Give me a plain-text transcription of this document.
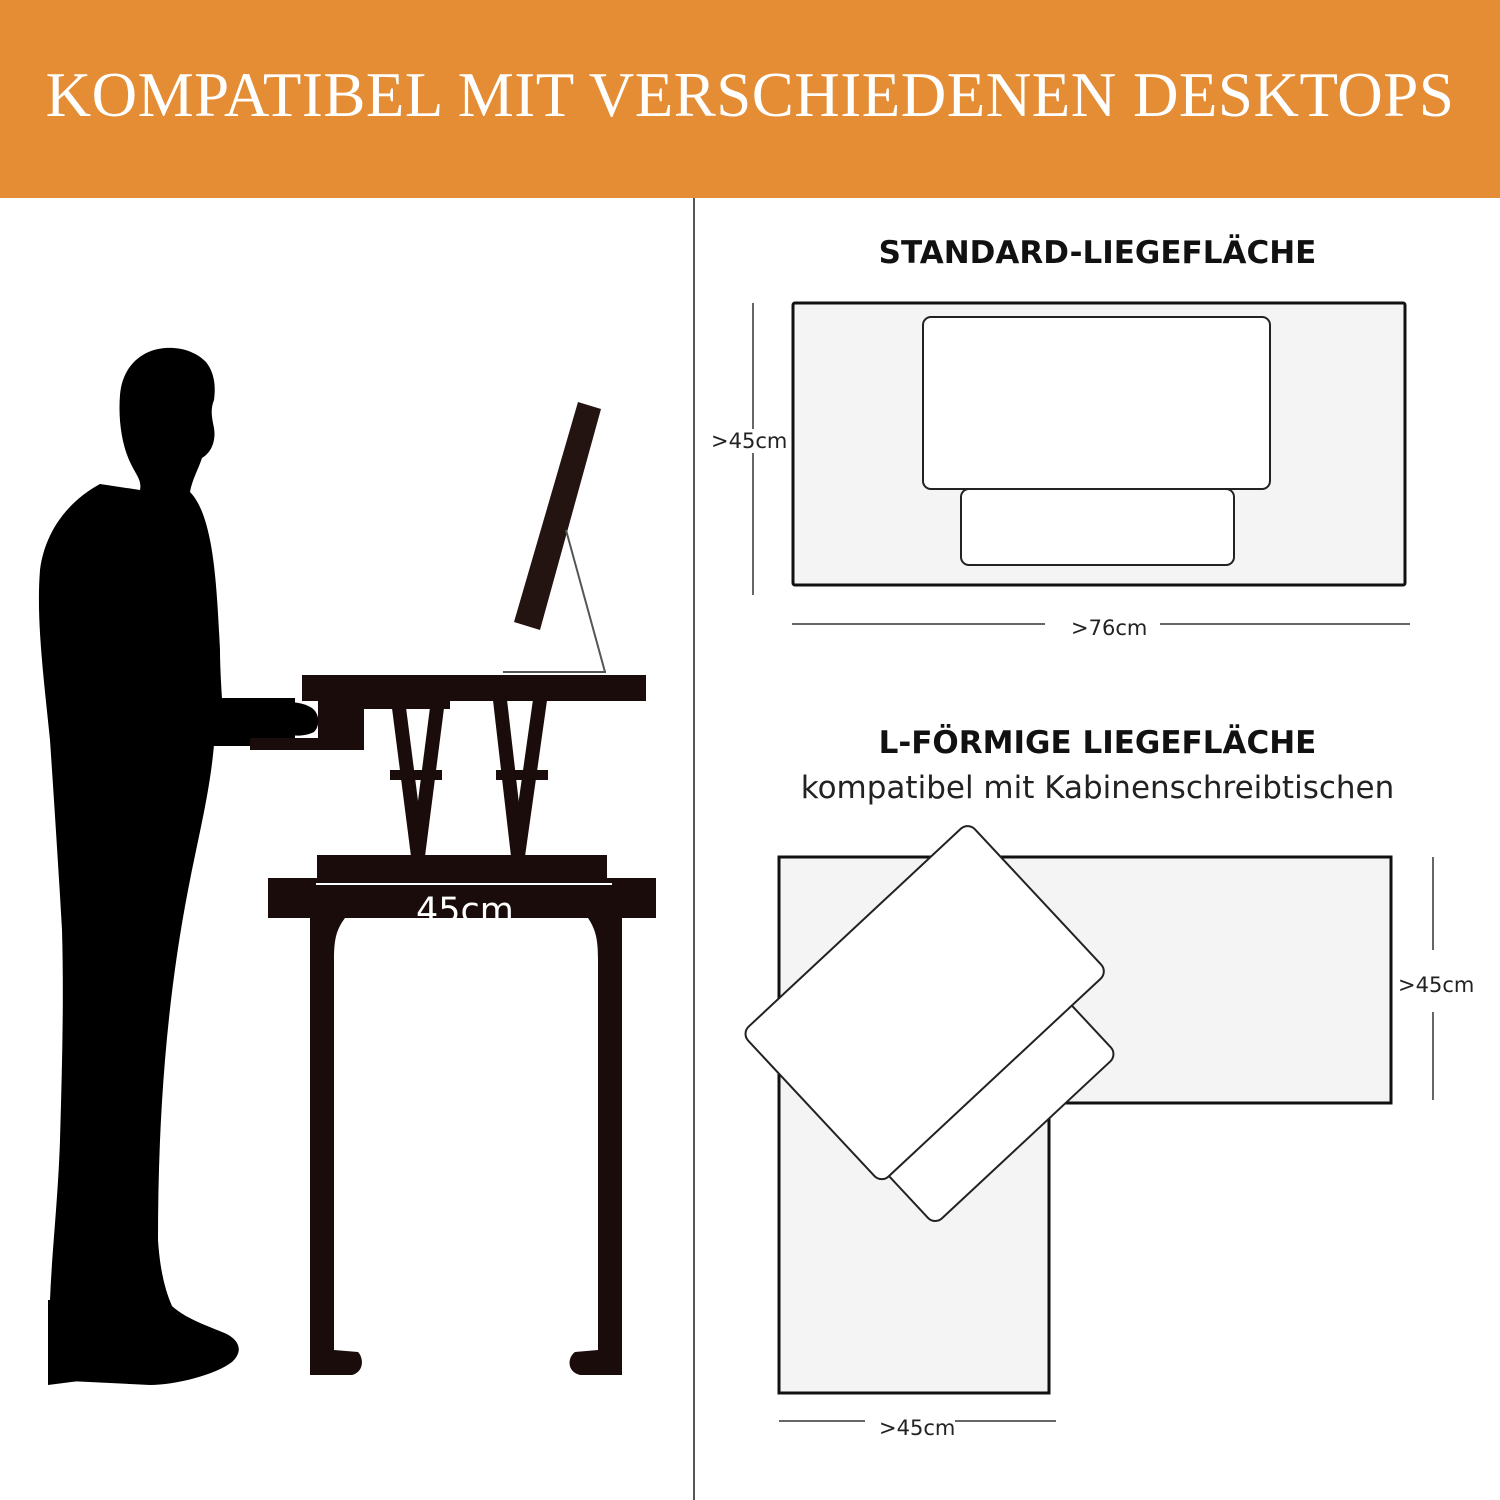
KOMPATIBEL MIT VERSCHIEDENEN DESKTOPS
45cm
STANDARD-LIEGEFLÄCHE
>45cm
>76cm
L-FÖRMIGE LIEGEFLÄCHE
kompatibel mit Kabinenschreibtischen
>45cm
>45cm
